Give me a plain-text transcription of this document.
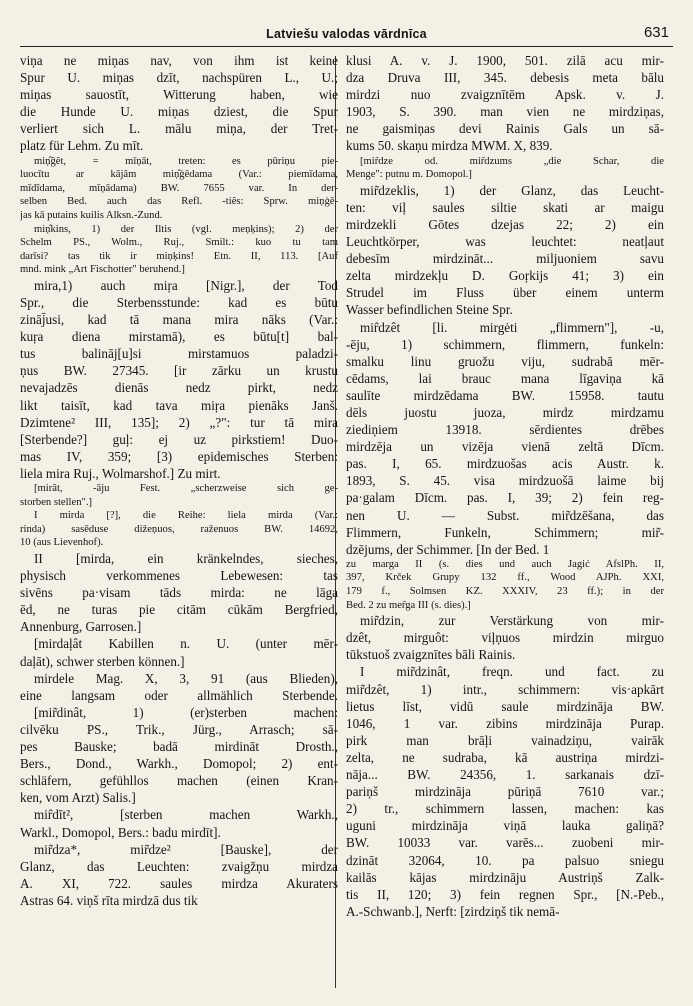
Latviešu valodas vārdnīca	631
viņa ne miņas nav, von ihm ist keine
Spur U. miņas dzīt, nachspüren L., U.;
miņas sauostīt, Witterung haben, wie
die Hunde U. miņas dziest, die Spur
verliert sich L. mālu miņa, der Tret-
platz für Lehm. Zu mīt.
miņ̂ĝêt, = mīņāt, treten: es pūriņu pie-
luocītu ar kājām miņ̂ģēdama (Var.: piemīdama,
mīdīdama, mīņādama) BW. 7655 var. In der-
selben Bed. auch das Refl. -tiês: Sprw. miņģē-
jas kā putains kuilis Alksn.-Zund.
miņ̂kins, 1) der Iltis (vgl. meņķins); 2) der
Schelm PS., Wolm., Ruj., Smilt.: kuo tu tam
darīsi? tas tik ir miņķins! Etn. II, 113. [Auf
mnd. mink „Art Fischotter" beruhend.]
mira,1) auch miŗa [Nigr.], der Tod
Spr., die Sterbensstunde: kad es būtu
zināj̄usi, kad tā mana mira nāks (Var.:
kuŗa diena mirstamā), es būtu[t] bal-
tus balināj[u]si mirstamuos paladzi-
ņus BW. 27345. [ir zārku un krustu
nevajadzēs dienās nedz pirkt, nedz
likt taisīt, kad tava miŗa pienāks Janš.
Dzimtene² III, 135]; 2) „?": tur tā mira
[Sterbende?] guļ: ej uz pirkstiem! Duo-
mas IV, 359; [3) epidemisches Sterben:
liela mira Ruj., Wolmarshof.] Zu mirt.
[mirât, -āju Fest. „scherzweise sich ge-
storben stellen".]
I mirda [?], die Reihe: liela mirda (Var.:
rinda) sasēduse dižeņuos, raženuos BW. 14692,
10 (aus Lievenhof).
II [mirda, ein kränkelndes, sieches,
physisch verkommenes Lebewesen: tas
sivēns pa·visam tāds mirda: ne lāga
ēd, ne turas pie citām cūkām Bergfried,
Annenburg, Garrosen.]
[mirdaļât Kabillen n. U. (unter mēr-
daļāt), schwer sterben können.]
mirdele Mag. X, 3, 91 (aus Blieden),
eine langsam oder allmählich Sterbende.
[mir̃dinât, 1) (er)sterben machen:
cilvēku PS., Trik., Jürg., Arrasch; sā-
pes Bauske; badā mirdināt Drosth.,
Bers., Dond., Warkh., Domopol; 2) ent-
schläfern, gefühllos machen (einen Kran-
ken, vom Arzt) Salis.]
mir̂dīt², [sterben machen Warkh.,
Warkl., Domopol, Bers.: badu mirdīt].
mir̃dza*, mir̃dze² [Bauske], der
Glanz, das Leuchten: zvaigžņu mirdza
A. XI, 722. saules mirdza Akuraters
Astras 64. viņš rīta mirdzā dus tik
klusi A. v. J. 1900, 501. zilā acu mir-
dza Druva III, 345. debesis meta bālu
mirdzi nuo zvaigznītēm Apsk. v. J.
1903, S. 390. man vien ne mirdziņas,
ne gaismiņas devi Rainis Gals un sā-
kums 50. skaņu mirdza MWM. X, 839.
[mir̃dze od. mir̃dzums „die Schar, die
Menge": putnu m. Domopol.]
mir̃dzeklis, 1) der Glanz, das Leucht-
ten: viļ saules siltie skati ar maigu
mirdzekli Gōtes dzejas 22; 2) ein
Leuchtkörper, was leuchtet: neatļaut
debesīm mirdzināt... miljuoniem savu
zelta mirdzekļu D. Goŗkijs 41; 3) ein
Strudel im Fluss über einem unterm
Wasser befindlichen Steine Spr.
mir̂dzêt [li. mirgėti „flimmern"], -u,
-ēju, 1) schimmern, flimmern, funkeln:
smalku linu gruožu viju, sudrabā mēr-
cēdams, lai brauc mana līgaviņa kā
saulīte mirdzēdama BW. 15958. tautu
dēls juostu juoza, mirdz mirdzamu
ziediņiem 13918. sērdientes drēbes
mirdzēja un vizēja vienā zeltā Dīcm.
pas. I, 65. mirdzuošas acis Austr. k.
1893, S. 45. visa mirdzuošā laime bij
pa·galam Dīcm. pas. I, 39; 2) fein reg-
nen U. — Subst. mir̃dzēšana, das
Flimmern, Funkeln, Schimmern; mir̃-
dzējums, der Schimmer. [In der Bed. 1
zu marga II (s. dies und auch Jagić AfslPh. II,
397, Krček Grupy 132 ff., Wood AJPh. XXI,
179 f., Solmsen KZ. XXXIV, 23 ff.); in der
Bed. 2 zu mer̃ga III (s. dies).]
mir̃dzin, zur Verstärkung von mir-
dzêt, mirguôt: viļņuos mirdzin mirguo
tūkstuoš zvaigznītes bāli Rainis.
I mir̃dzinât, freqn. und fact. zu
mir̃dzêt, 1) intr., schimmern: vis·apkārt
lietus līst, vidū saule mirdzināja BW.
1046, 1 var. zibins mirdzināja Purap.
pirk man brāļi vainadziņu, vairāk
zelta, ne sudraba, kā austriņa mirdzi-
nāja... BW. 24356, 1. sarkanais dzī-
pariņš mirdzināja pūriņā 7610 var.;
2) tr., schimmern lassen, machen: kas
uguni mirdzināja viņā lauka galiņā?
BW. 10033 var. varēs... zuobeni mir-
dzināt 32064, 10. pa palsuo sniegu
kailās kājas mirdzināju Austriņš Zalk-
tis II, 120; 3) fein regnen Spr., [N.-Peb.,
A.-Schwanb.], Nerft: [zirdziņš tik nemā-
